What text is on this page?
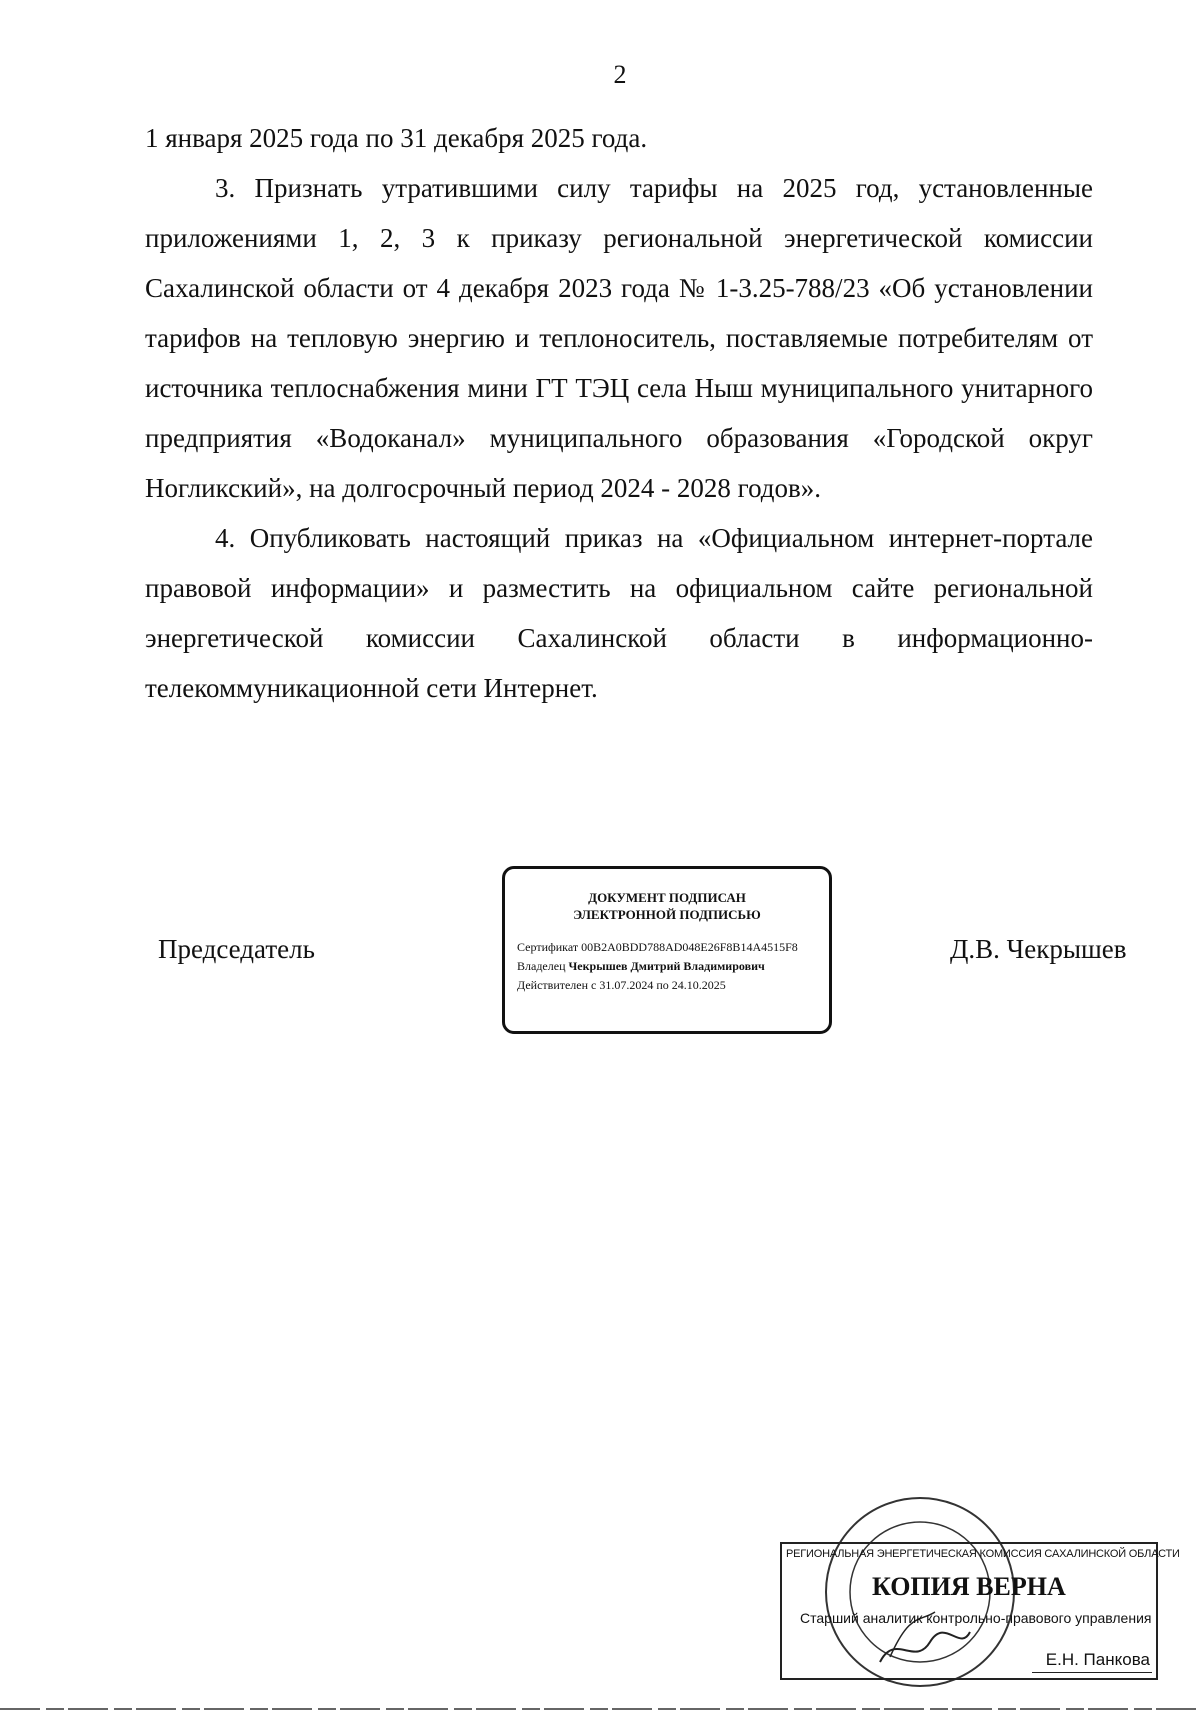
2

1 января 2025 года по 31 декабря 2025 года.

3. Признать утратившими силу тарифы на 2025 год, установленные приложениями 1, 2, 3 к приказу региональной энергетической комиссии Сахалинской области от 4 декабря 2023 года № 1-3.25-788/23 «Об установлении тарифов на тепловую энергию и теплоноситель, поставляемые потребителям от источника теплоснабжения мини ГТ ТЭЦ села Ныш муниципального унитарного предприятия «Водоканал» муниципального образования «Городской округ Ногликский», на долгосрочный период 2024 - 2028 годов».

4. Опубликовать настоящий приказ на «Официальном интернет-портале правовой информации» и разместить на официальном сайте региональной энергетической комиссии Сахалинской области в информационно-телекоммуникационной сети Интернет.

Председатель
ДОКУМЕНТ ПОДПИСАН
ЭЛЕКТРОННОЙ ПОДПИСЬЮ
Сертификат 00B2A0BDD788AD048E26F8B14A4515F8
Владелец Чекрышев Дмитрий Владимирович
Действителен с 31.07.2024 по 24.10.2025
Д.В. Чекрышев
РЕГИОНАЛЬНАЯ ЭНЕРГЕТИЧЕСКАЯ КОМИССИЯ САХАЛИНСКОЙ ОБЛАСТИ
КОПИЯ ВЕРНА
Старший аналитик контрольно-правового управления
Е.Н. Панкова
